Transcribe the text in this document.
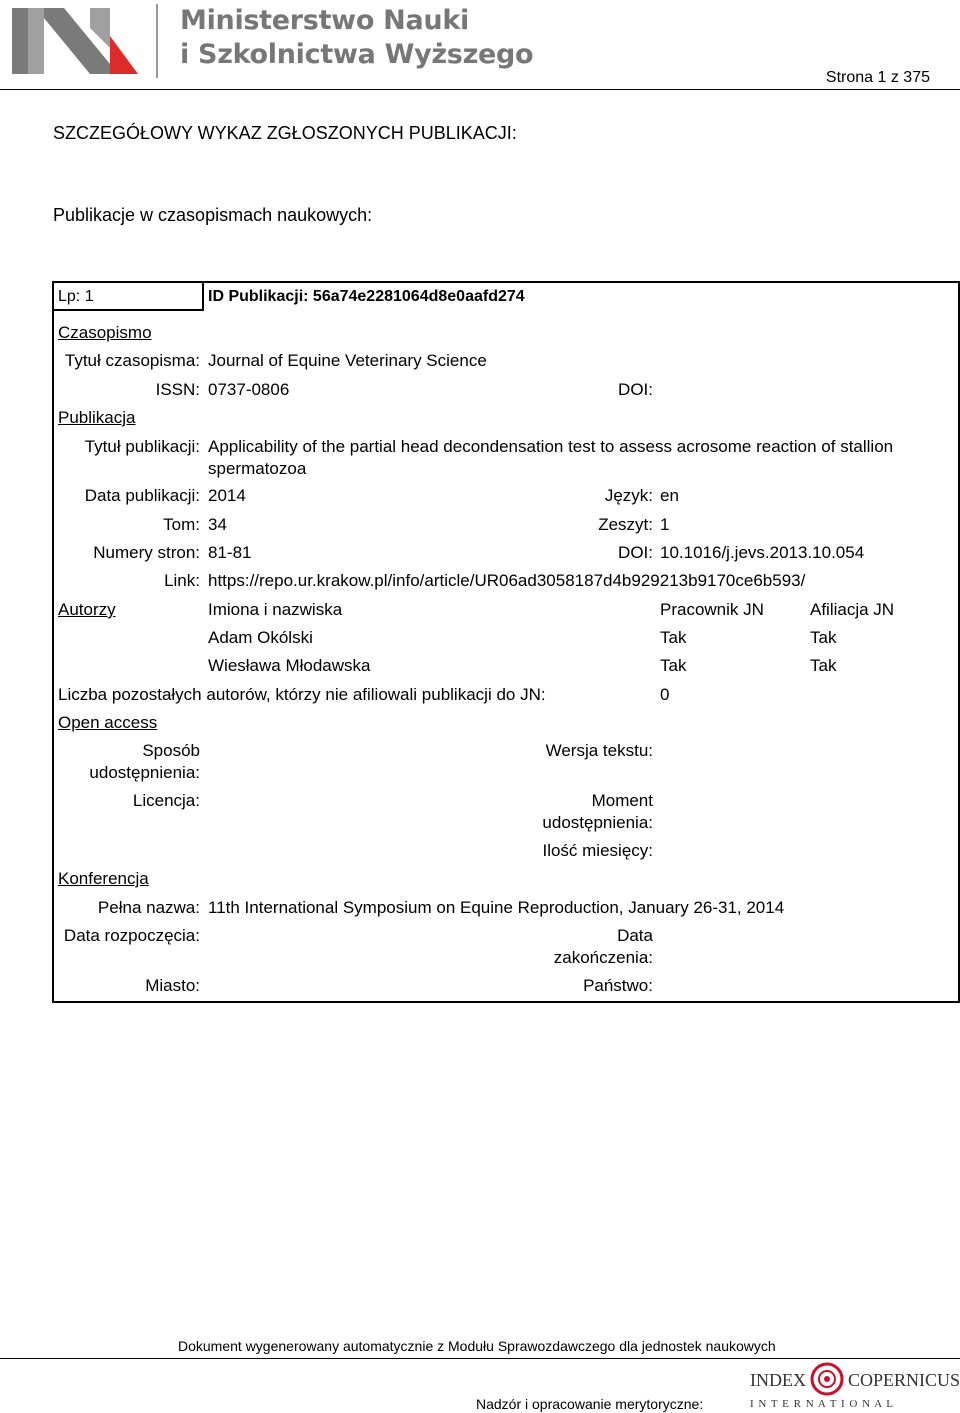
Ministerstwo Nauki
i Szkolnictwa Wyższego
Strona 1 z 375
SZCZEGÓŁOWY WYKAZ ZGŁOSZONYCH PUBLIKACJI:
Publikacje w czasopismach naukowych:
Lp: 1	ID Publikacji: 56a74e2281064d8e0aafd274
Czasopismo
Tytuł czasopisma: Journal of Equine Veterinary Science
ISSN: 0737-0806	DOI:
Publikacja
Tytuł publikacji: Applicability of the partial head decondensation test to assess acrosome reaction of stallion
spermatozoa
Data publikacji: 2014	Język: en
Tom: 34	Zeszyt: 1
Numery stron: 81-81	DOI: 10.1016/j.jevs.2013.10.054
Link: https://repo.ur.krakow.pl/info/article/UR06ad3058187d4b929213b9170ce6b593/
Autorzy	Imiona i nazwiska	Pracownik JN	Afiliacja JN
Adam Okólski	Tak	Tak
Wiesława Młodawska	Tak	Tak
Liczba pozostałych autorów, którzy nie afiliowali publikacji do JN:	0
Open access
Sposób
udostępnienia:
Wersja tekstu:
Licencja:	Moment
udostępnienia:
Ilość miesięcy:
Konferencja
Pełna nazwa: 11th International Symposium on Equine Reproduction, January 26-31, 2014
Data rozpoczęcia:	Data
zakończenia:
Miasto:	Państwo:
Dokument wygenerowany automatycznie z Modułu Sprawozdawczego dla jednostek naukowych
Nadzór i opracowanie merytoryczne:
INDEX COPERNICUS
I N T E R N A T I O N A L
